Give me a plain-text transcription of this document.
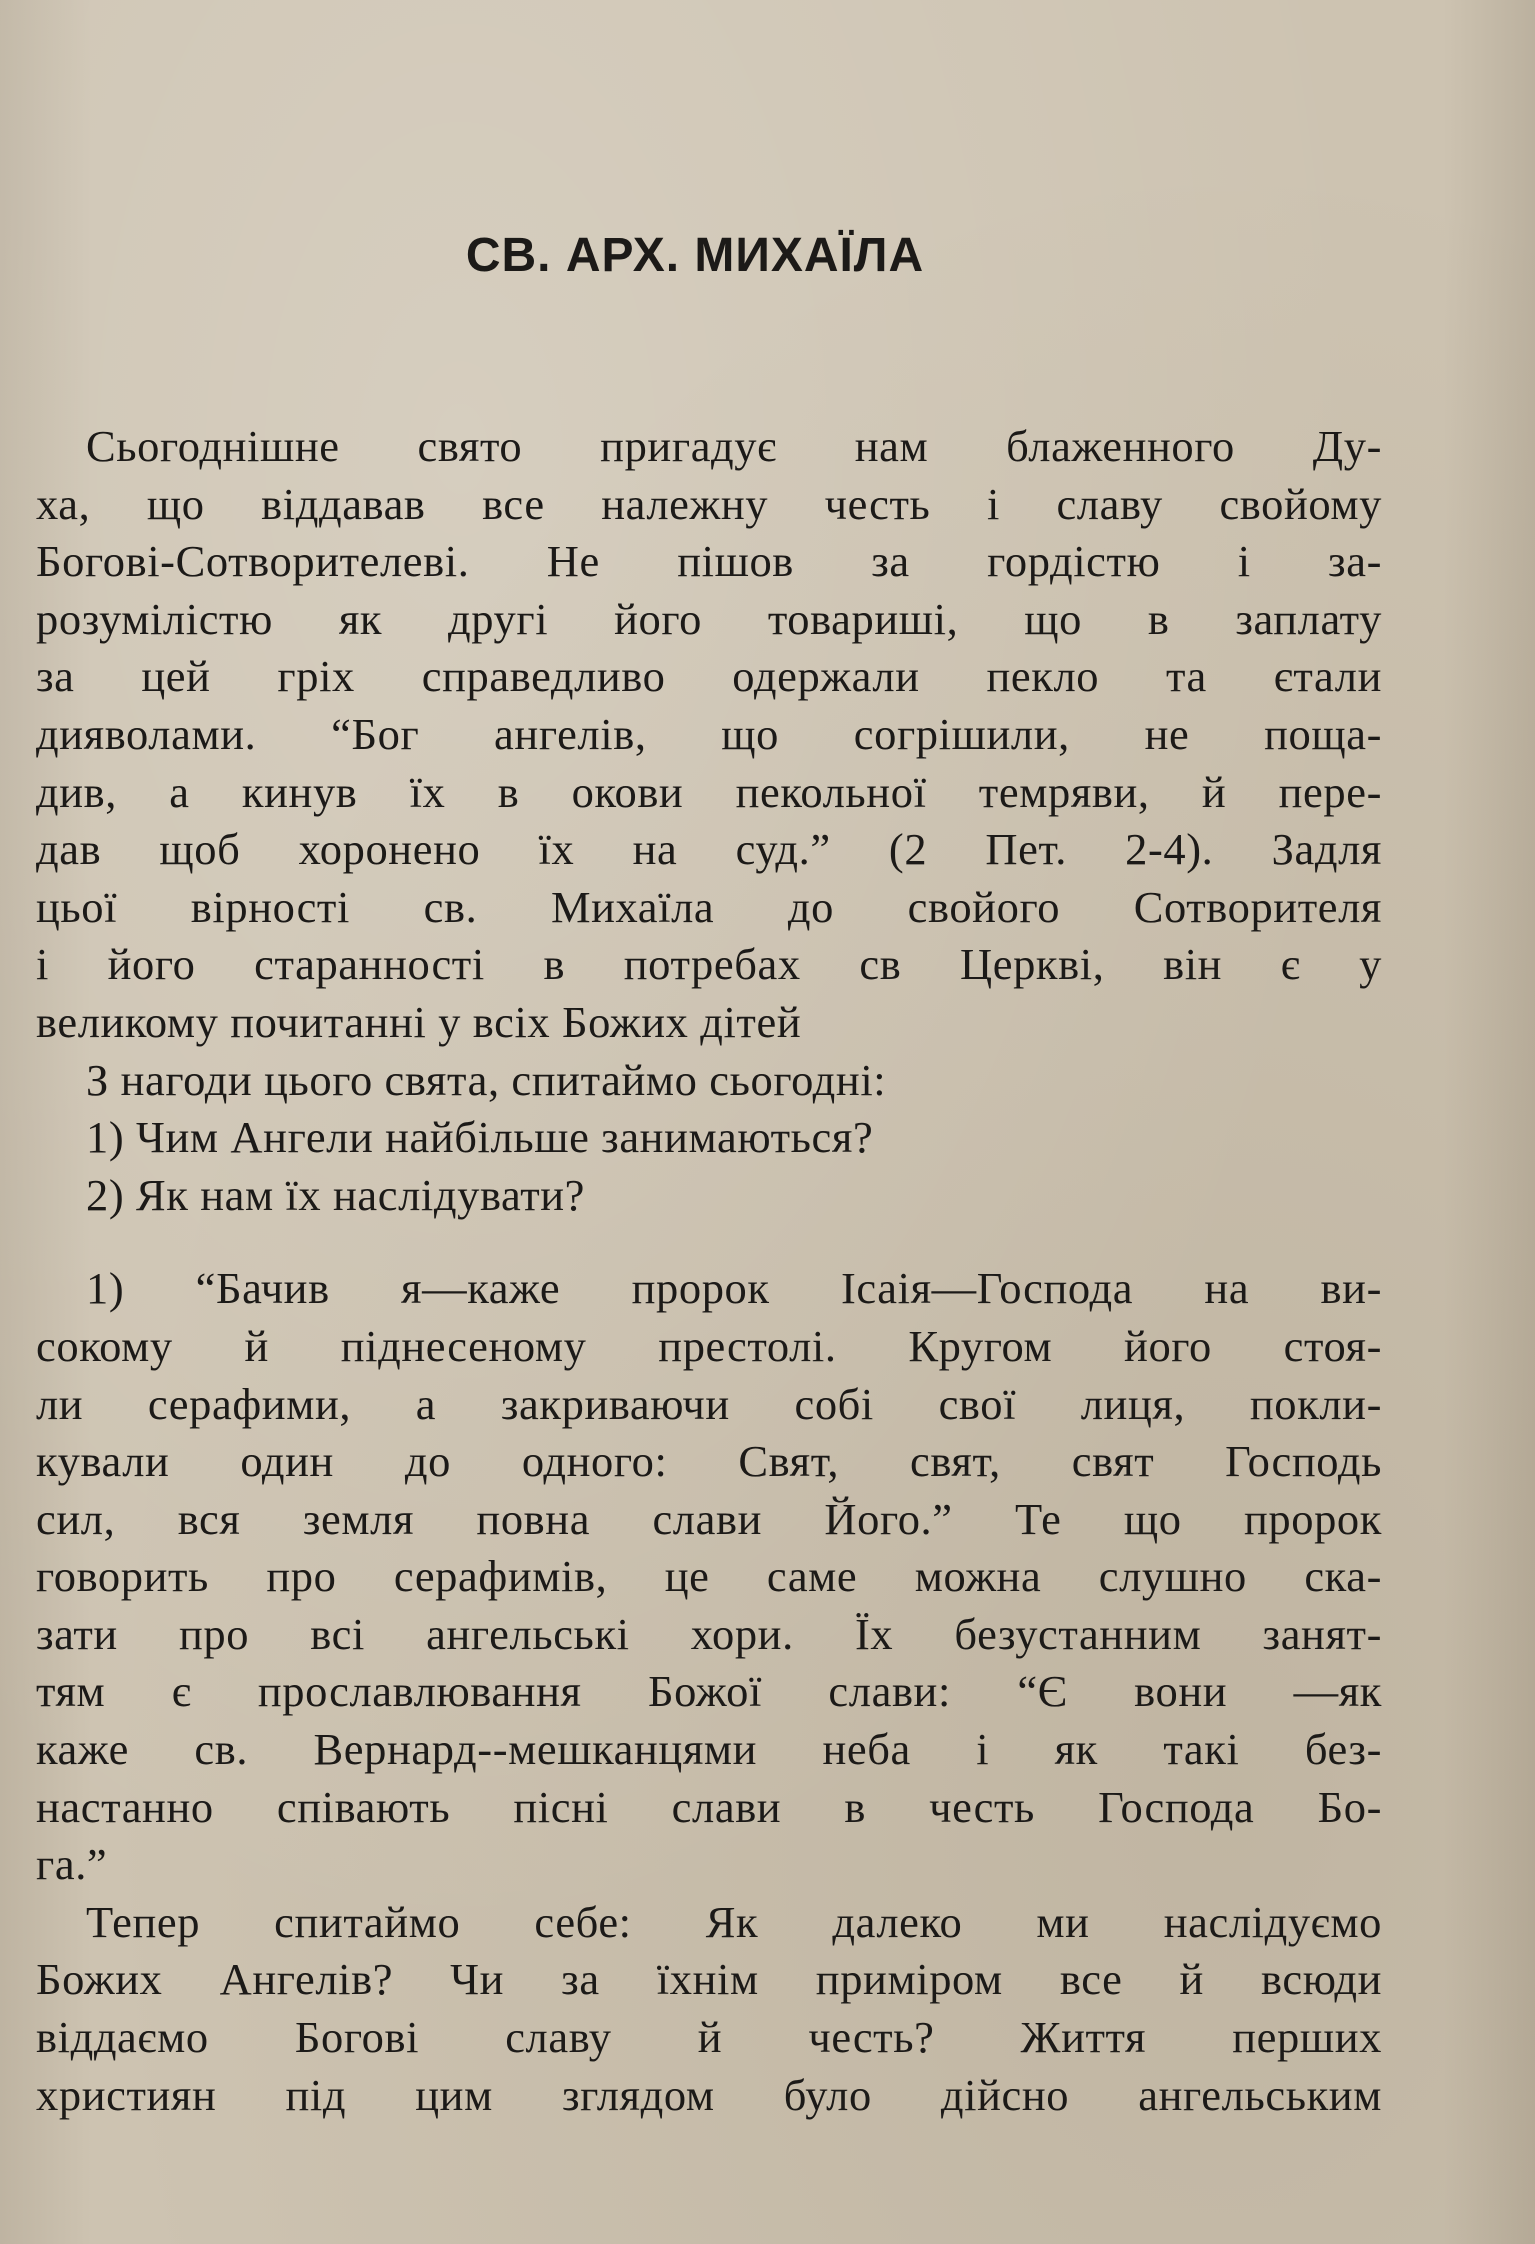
СВ. АРХ. МИХАЇЛА
Сьогоднішне свято пригадує нам блаженного Ду-
ха, що віддавав все належну честь і славу свойому
Богові-Сотворителеві. Не пішов за гордістю і за-
розумілістю як другі його товариші, що в заплату
за цей гріх справедливо одержали пекло та єтали
дияволами. “Бог ангелів, що согрішили, не поща-
див, а кинув їх в окови пекольної темряви, й пере-
дав щоб хоронено їх на суд.” (2 Пет. 2-4). Задля
цьої вірності св. Михаїла до свойого Сотворителя
і його старанності в потребах св Церкві, він є у
великому почитанні у всіх Божих дітей
З нагоди цього свята, спитаймо сьогодні:
1) Чим Ангели найбільше занимаються?
2) Як нам їх наслідувати?
1) “Бачив я—каже пророк Ісаія—Господа на ви-
сокому й піднесеному престолі. Кругом його стоя-
ли серафими, а закриваючи собі свої лиця, покли-
кували один до одного: Свят, свят, свят Господь
сил, вся земля повна слави Його.” Те що пророк
говорить про серафимів, це саме можна слушно ска-
зати про всі ангельські хори. Їх безустанним занят-
тям є прославлювання Божої слави: “Є вони —як
каже св. Вернард--мешканцями неба і як такі без-
настанно співають пісні слави в честь Господа Бо-
га.”
Тепер спитаймо себе: Як далеко ми наслідуємо
Божих Ангелів? Чи за їхнім приміром все й всюди
віддаємо Богові славу й честь? Життя перших
християн під цим зглядом було дійсно ангельським
